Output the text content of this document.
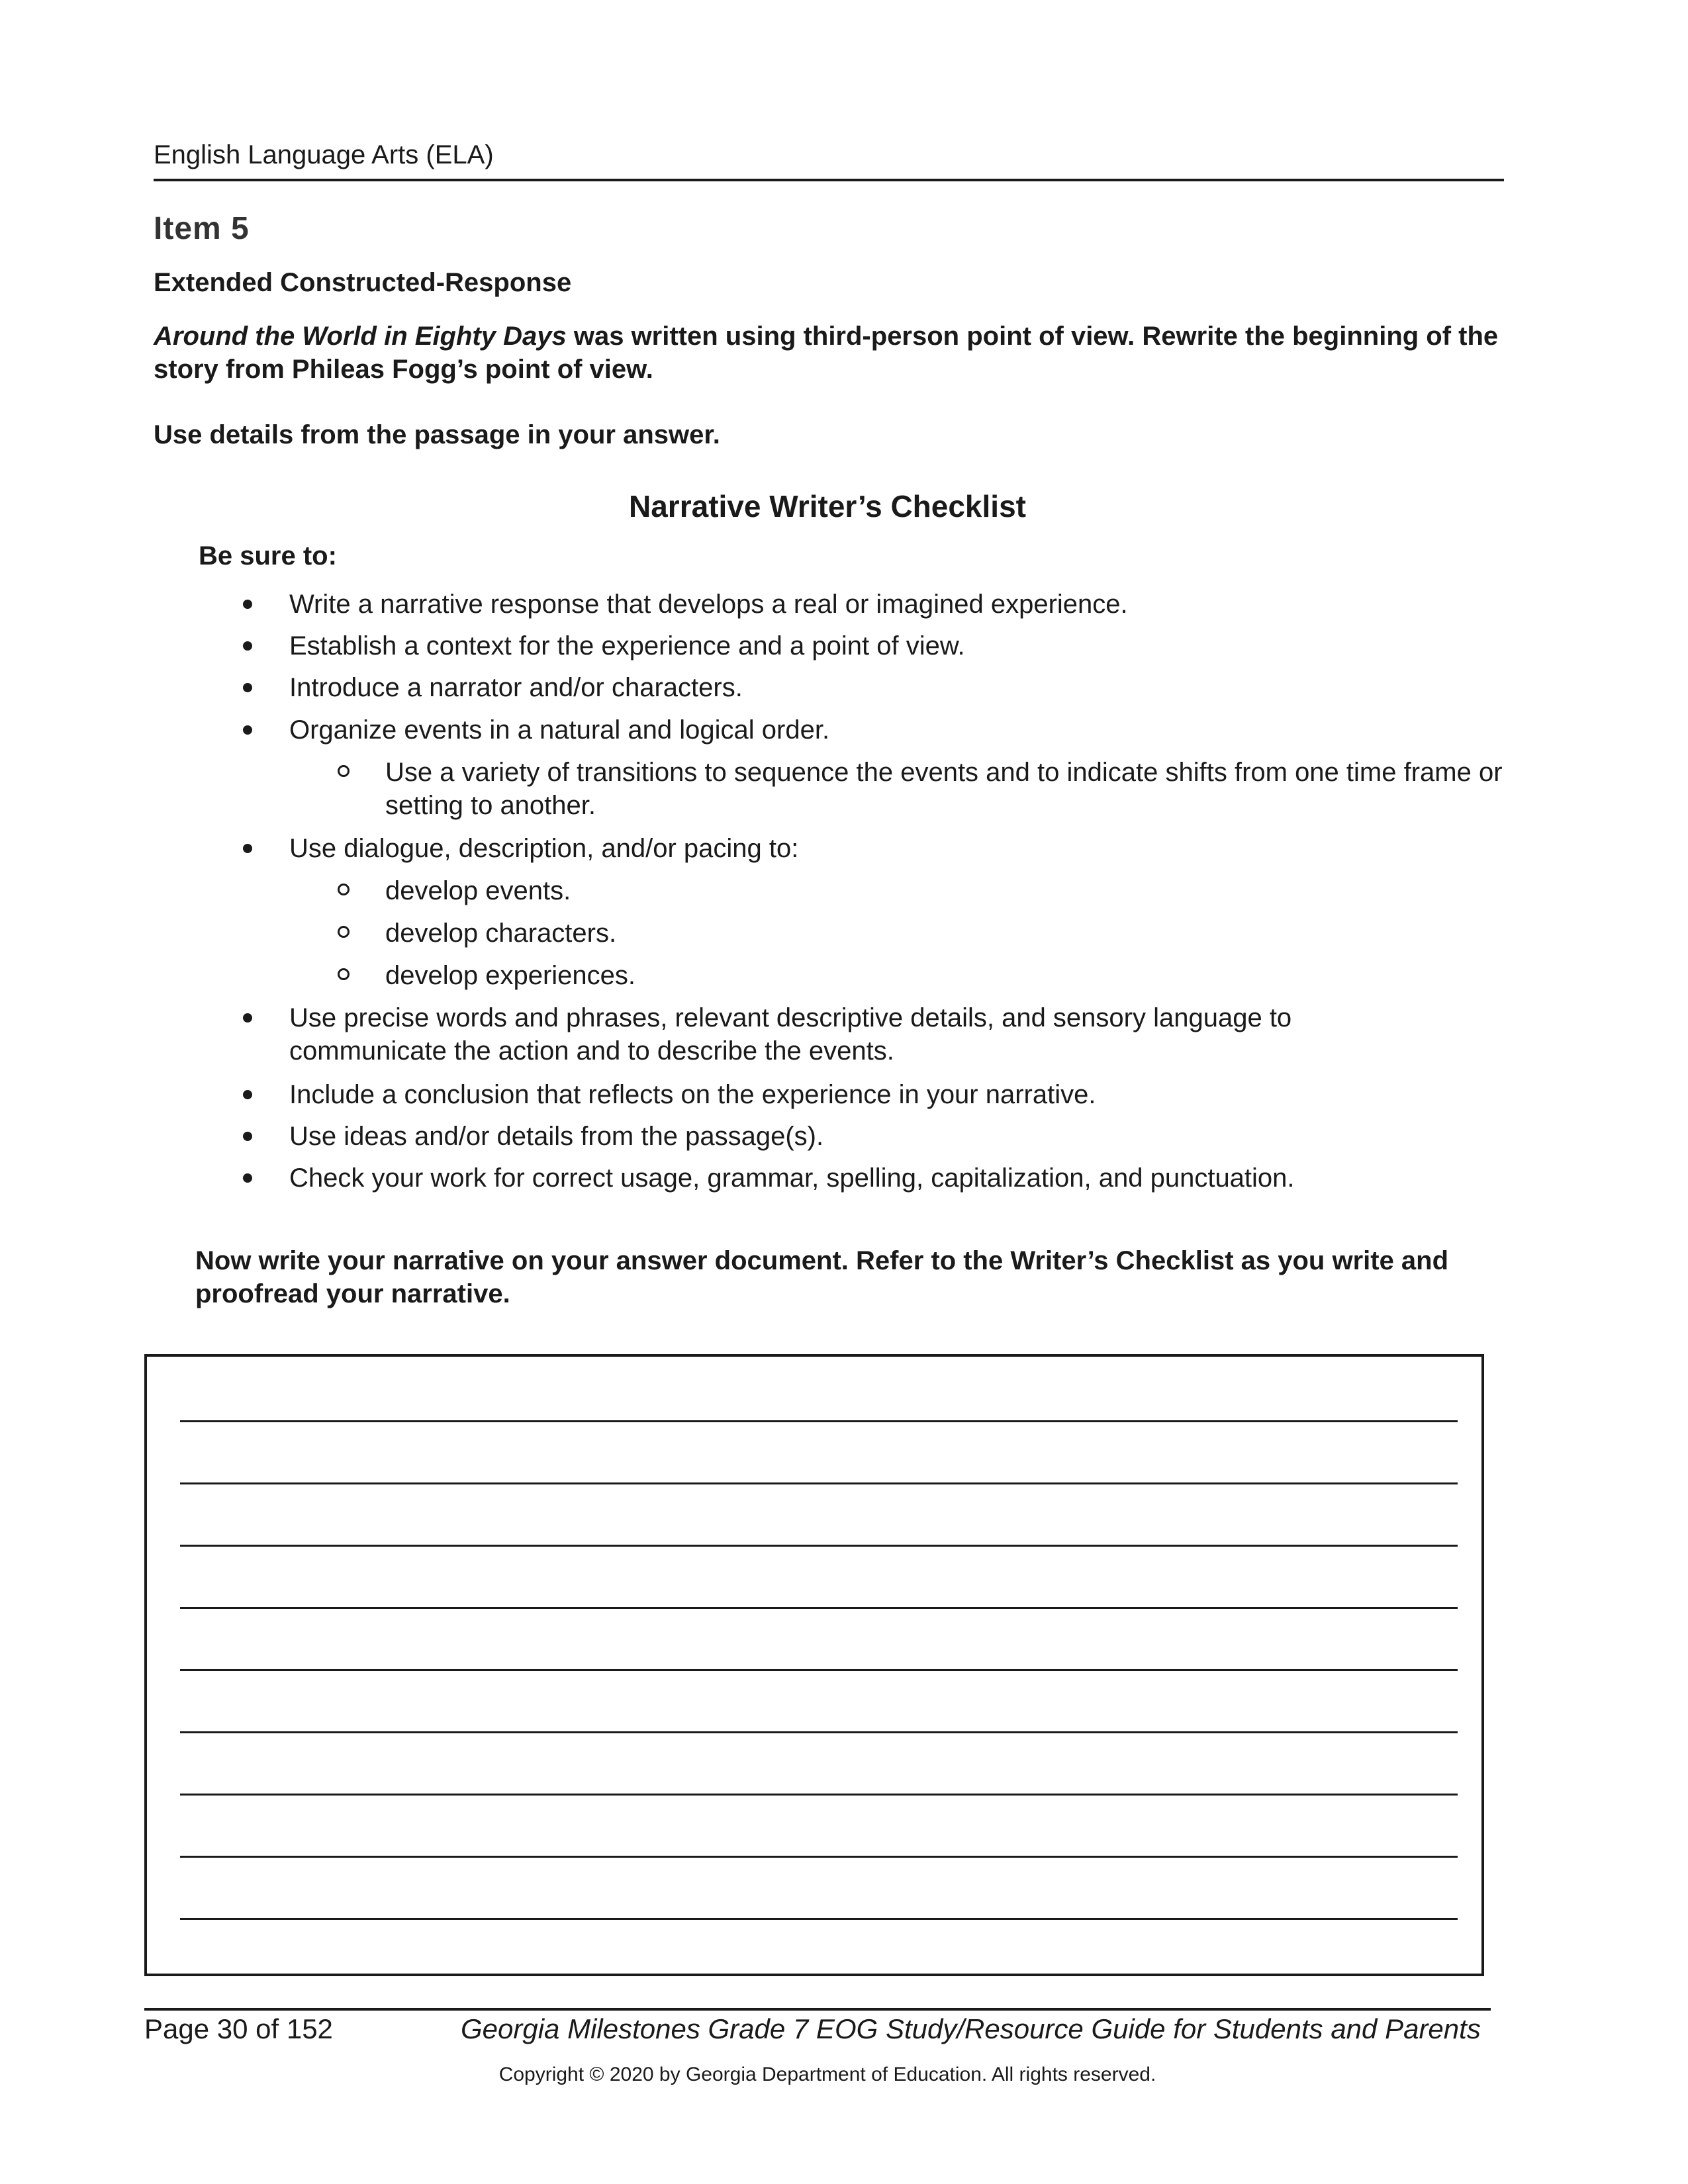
English Language Arts (ELA)
Item 5
Extended Constructed-Response
Around the World in Eighty Days was written using third-person point of view. Rewrite the beginning of the story from Phileas Fogg’s point of view.
Use details from the passage in your answer.
Narrative Writer’s Checklist
Be sure to:
Write a narrative response that develops a real or imagined experience.
Establish a context for the experience and a point of view.
Introduce a narrator and/or characters.
Organize events in a natural and logical order.
Use a variety of transitions to sequence the events and to indicate shifts from one time frame or setting to another.
Use dialogue, description, and/or pacing to:
develop events.
develop characters.
develop experiences.
Use precise words and phrases, relevant descriptive details, and sensory language to communicate the action and to describe the events.
Include a conclusion that reflects on the experience in your narrative.
Use ideas and/or details from the passage(s).
Check your work for correct usage, grammar, spelling, capitalization, and punctuation.
Now write your narrative on your answer document. Refer to the Writer’s Checklist as you write and proofread your narrative.
Page 30 of 152	Georgia Milestones Grade 7 EOG Study/Resource Guide for Students and Parents
Copyright © 2020 by Georgia Department of Education. All rights reserved.
